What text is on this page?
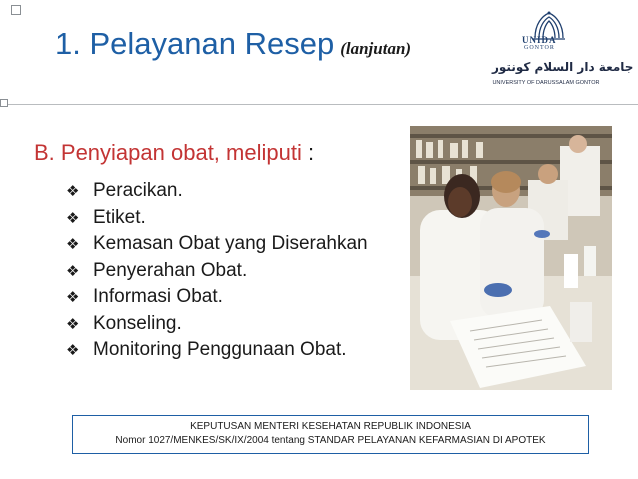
1. Pelayanan Resep (lanjutan)	UNIDA
GONTOR
جامعة دار السلام كونتور
UNIVERSITY OF DARUSSALAM GONTOR
B. Penyiapan obat, meliputi :
❖ Peracikan.
❖ Etiket.
❖ Kemasan Obat yang Diserahkan
❖ Penyerahan Obat.
❖ Informasi Obat.
❖ Konseling.
❖ Monitoring Penggunaan Obat.
KEPUTUSAN MENTERI KESEHATAN REPUBLIK INDONESIA
Nomor 1027/MENKES/SK/IX/2004 tentang STANDAR PELAYANAN KEFARMASIAN DI APOTEK
